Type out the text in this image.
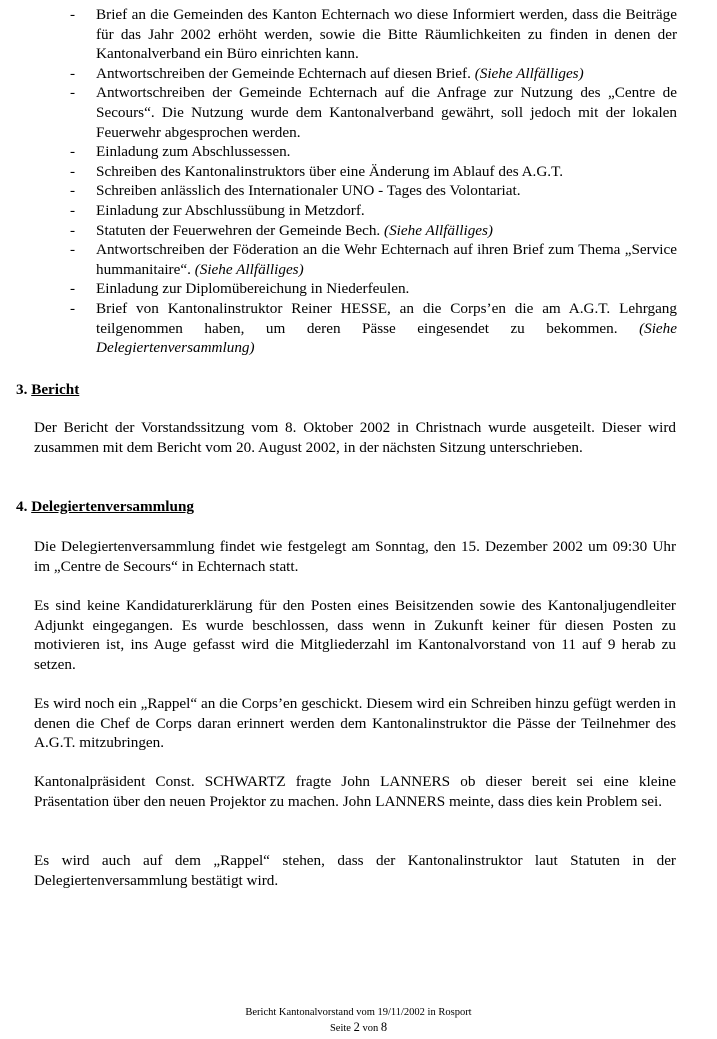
- Brief an die Gemeinden des Kanton Echternach wo diese Informiert werden, dass die Beiträge für das Jahr 2002 erhöht werden, sowie die Bitte Räumlichkeiten zu finden in denen der Kantonalverband ein Büro einrichten kann.
- Antwortschreiben der Gemeinde Echternach auf diesen Brief. (Siehe Allfälliges)
- Antwortschreiben der Gemeinde Echternach auf die Anfrage zur Nutzung des „Centre de Secours“. Die Nutzung wurde dem Kantonalverband gewährt, soll jedoch mit der lokalen Feuerwehr abgesprochen werden.
- Einladung zum Abschlussessen.
- Schreiben des Kantonalinstruktors über eine Änderung im Ablauf des A.G.T.
- Schreiben anlässlich des Internationaler UNO - Tages des Volontariat.
- Einladung zur Abschlussübung in Metzdorf.
- Statuten der Feuerwehren der Gemeinde Bech. (Siehe Allfälliges)
- Antwortschreiben der Föderation an die Wehr Echternach auf ihren Brief zum Thema „Service hummanitaire“. (Siehe Allfälliges)
- Einladung zur Diplomübereichung in Niederfeulen.
- Brief von Kantonalinstruktor Reiner HESSE, an die Corps’en die am A.G.T. Lehrgang teilgenommen haben, um deren Pässe eingesendet zu bekommen. (Siehe Delegiertenversammlung)
3. Bericht
Der Bericht der Vorstandssitzung vom 8. Oktober 2002 in Christnach wurde ausgeteilt. Dieser wird zusammen mit dem Bericht vom 20. August 2002, in der nächsten Sitzung unterschrieben.
4. Delegiertenversammlung
Die Delegiertenversammlung findet wie festgelegt am Sonntag, den 15. Dezember 2002 um 09:30 Uhr im „Centre de Secours“ in Echternach statt.
Es sind keine Kandidaturerklärung für den Posten eines Beisitzenden sowie des Kantonaljugendleiter Adjunkt eingegangen. Es wurde beschlossen, dass wenn in Zukunft keiner für diesen Posten zu motivieren ist, ins Auge gefasst wird die Mitgliederzahl im Kantonalvorstand von 11 auf 9 herab zu setzen.
Es wird noch ein „Rappel“ an die Corps’en geschickt. Diesem wird ein Schreiben hinzu gefügt werden in denen die Chef de Corps daran erinnert werden dem Kantonalinstruktor die Pässe der Teilnehmer des A.G.T. mitzubringen.
Kantonalpräsident Const. SCHWARTZ fragte John LANNERS ob dieser bereit sei eine kleine Präsentation über den neuen Projektor zu machen. John LANNERS meinte, dass dies kein Problem sei.
Es wird auch auf dem „Rappel“ stehen, dass der Kantonalinstruktor laut Statuten in der Delegiertenversammlung bestätigt wird.
Bericht Kantonalvorstand vom 19/11/2002 in Rosport
Seite 2 von 8
